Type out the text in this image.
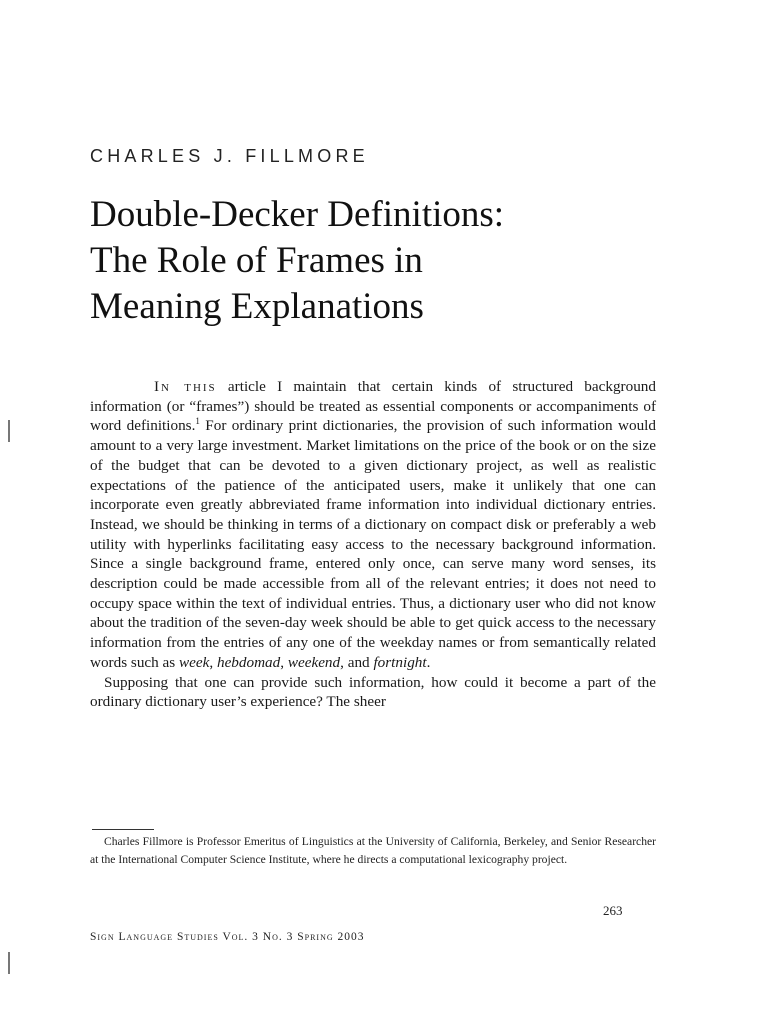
CHARLES J. FILLMORE
Double-Decker Definitions:
The Role of Frames in
Meaning Explanations

In this article I maintain that certain kinds of structured background information (or “frames”) should be treated as essential components or accompaniments of word definitions.$^1$ For ordinary print dictionaries, the provision of such information would amount to a very large investment. Market limitations on the price of the book or on the size of the budget that can be devoted to a given dictionary project, as well as realistic expectations of the patience of the anticipated users, make it unlikely that one can incorporate even greatly abbreviated frame information into individual dictionary entries. Instead, we should be thinking in terms of a dictionary on compact disk or preferably a web utility with hyperlinks facilitating easy access to the necessary background information. Since a single background frame, entered only once, can serve many word senses, its description could be made accessible from all of the relevant entries; it does not need to occupy space within the text of individual entries. Thus, a dictionary user who did not know about the tradition of the seven-day week should be able to get quick access to the necessary information from the entries of any one of the weekday names or from semantically related words such as week, hebdomad, weekend, and fortnight.

Supposing that one can provide such information, how could it become a part of the ordinary dictionary user’s experience? The sheer

Charles Fillmore is Professor Emeritus of Linguistics at the University of California, Berkeley, and Senior Researcher at the International Computer Science Institute, where he directs a computational lexicography project.

263
Sign Language Studies Vol. 3 No. 3 Spring 2003
